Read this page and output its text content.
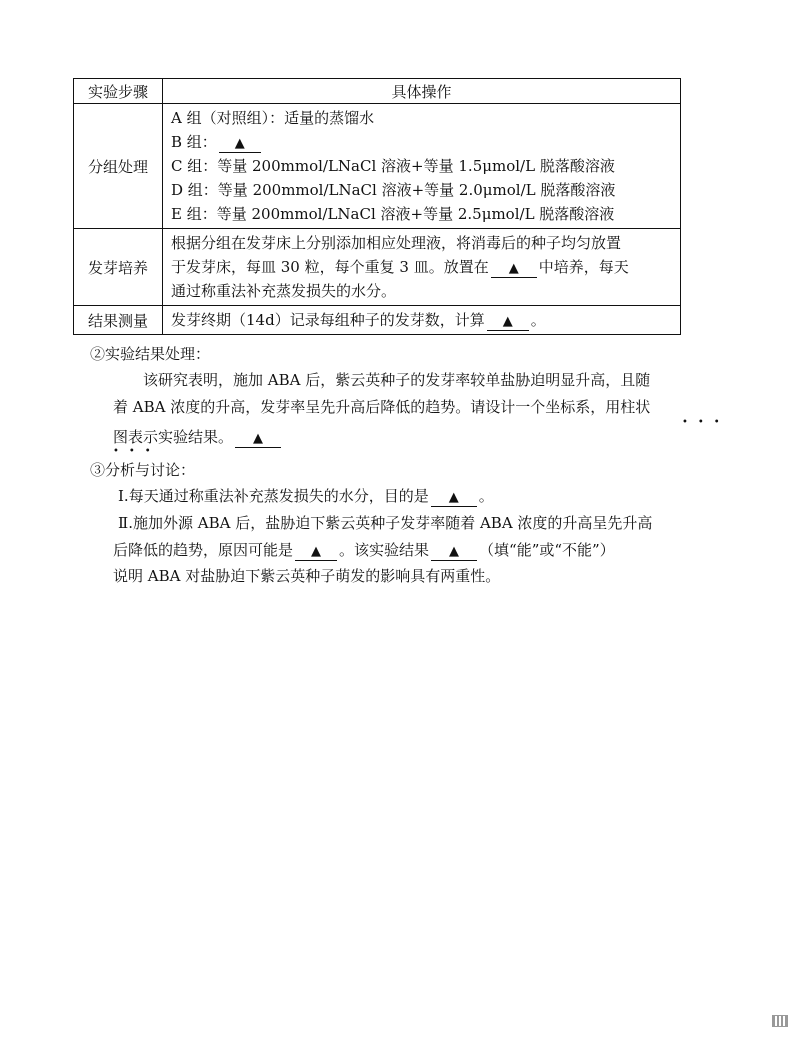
实验步骤	具体操作
分组处理	A 组（对照组）：适量的蒸馏水
B 组： ▲
C 组：等量 200mmol/LNaCl 溶液+等量 1.5μmol/L 脱落酸溶液
D 组：等量 200mmol/LNaCl 溶液+等量 2.0μmol/L 脱落酸溶液
E 组：等量 200mmol/LNaCl 溶液+等量 2.5μmol/L 脱落酸溶液

发芽培养	根据分组在发芽床上分别添加相应处理液，将消毒后的种子均匀放置
于发芽床，每皿 30 粒，每个重复 3 皿。放置在 ▲ 中培养，每天
通过称重法补充蒸发损失的水分。

结果测量	发芽终期（14d）记录每组种子的发芽数，计算 ▲ 。
②实验结果处理：
该研究表明，施加 ABA 后，紫云英种子的发芽率较单盐胁迫明显升高，且随
着 ABA 浓度的升高，发芽率呈先升高后降低的趋势。请设计一个坐标系，用柱状
•••
图表示实验结果。 ▲
•••
③分析与讨论：
Ⅰ.每天通过称重法补充蒸发损失的水分，目的是 ▲ 。
Ⅱ.施加外源 ABA 后，盐胁迫下紫云英种子发芽率随着 ABA 浓度的升高呈先升高
后降低的趋势，原因可能是 ▲ 。该实验结果 ▲ （填“能”或“不能”）
说明 ABA 对盐胁迫下紫云英种子萌发的影响具有两重性。
